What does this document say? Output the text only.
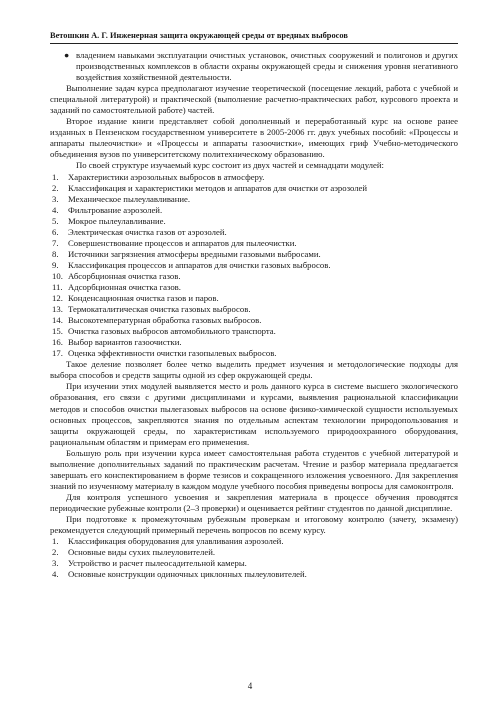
Ветошкин А. Г. Инженерная защита окружающей среды от вредных выбросов
● владением навыками эксплуатации очистных установок, очистных сооружений и полигонов и других производственных комплексов в области охраны окружающей среды и снижения уровня негативного воздействия хозяйственной деятельности.

Выполнение задач курса предполагают изучение теоретической (посещение лекций, работа с учебной и специальной литературой) и практической (выполнение расчетно-практических работ, курсового проекта и заданий по самостоятельной работе) частей.

Второе издание книги представляет собой дополненный и переработанный курс на основе ранее изданных в Пензенском государственном университете в 2005-2006 гг. двух учебных пособий: «Процессы и аппараты пылеочистки» и «Процессы и аппараты газоочистки», имеющих гриф Учебно-методического объединения вузов по университетскому политехническому образованию.

По своей структуре изучаемый курс состоит из двух частей и семнадцати модулей:

1.	Характеристики аэрозольных выбросов в атмосферу.
2.	Классификация и характеристики методов и аппаратов для очистки от аэрозолей
3.	Механическое пылеулавливание.
4.	Фильтрование аэрозолей.
5.	Мокрое пылеулавливание.
6.	Электрическая очистка газов от аэрозолей.
7.	Совершенствование процессов и аппаратов для пылеочистки.
8.	Источники загрязнения атмосферы вредными газовыми выбросами.
9.	Классификация процессов и аппаратов для очистки газовых выбросов.
10. Абсорбционная очистка газов.
11. Адсорбционная очистка газов.
12. Конденсационная очистка газов и паров.
13. Термокаталитическая очистка газовых выбросов.
14. Высокотемпературная обработка газовых выбросов.
15. Очистка газовых выбросов автомобильного транспорта.
16. Выбор вариантов газоочистки.
17. Оценка эффективности очистки газопылевых выбросов.

Такое деление позволяет более четко выделить предмет изучения и методологические подходы для выбора способов и средств защиты одной из сфер окружающей среды.

При изучении этих модулей выявляется место и роль данного курса в системе высшего экологического образования, его связи с другими дисциплинами и курсами, выявления рациональной классификации методов и способов очистки пылегазовых выбросов на основе физико-химической сущности используемых основных процессов, закрепляются знания по отдельным аспектам технологии природопользования и защиты окружающей среды, по характеристикам используемого природоохранного оборудования, рациональным областям и примерам его применения.

Большую роль при изучении курса имеет самостоятельная работа студентов с учебной литературой и выполнение дополнительных заданий по практическим расчетам. Чтение и разбор материала предлагается завершать его конспектированием в форме тезисов и сокращенного изложения усвоенного. Для закрепления знаний по изученному материалу в каждом модуле учебного пособия приведены вопросы для самоконтроля.

Для контроля успешного усвоения и закрепления материала в процессе обучения проводятся периодические рубежные контроли (2–3 проверки) и оценивается рейтинг студентов по данной дисциплине.

При подготовке к промежуточным рубежным проверкам и итоговому контролю (зачету, экзамену) рекомендуется следующий примерный перечень вопросов по всему курсу.

1.	Классификация оборудования для улавливания аэрозолей.
2.	Основные виды сухих пылеуловителей.
3.	Устройство и расчет пылеосадительной камеры.
4.	Основные конструкции одиночных циклонных пылеуловителей.
4
